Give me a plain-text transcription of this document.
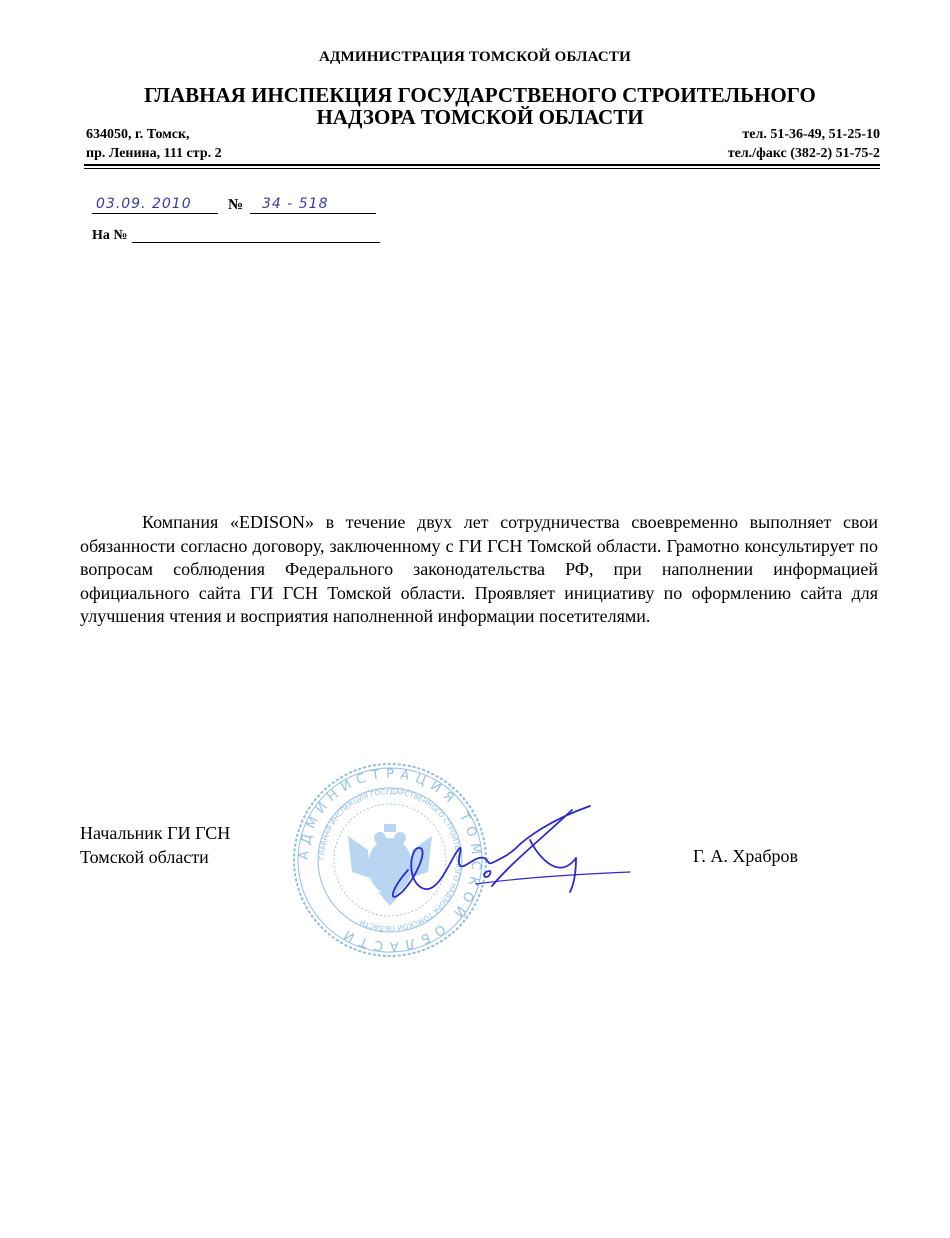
АДМИНИСТРАЦИЯ ТОМСКОЙ ОБЛАСТИ
ГЛАВНАЯ ИНСПЕКЦИЯ ГОСУДАРСТВЕНОГО СТРОИТЕЛЬНОГО
НАДЗОРА ТОМСКОЙ ОБЛАСТИ
634050, г. Томск,
пр. Ленина, 111 стр. 2
тел. 51-36-49, 51-25-10
тел./факс (382-2) 51-75-2
03.09. 2010 № 34 - 518
На №
Компания «EDISON» в течение двух лет сотрудничества своевременно выполняет свои обязанности согласно договору, заключенному с ГИ ГСН Томской области. Грамотно консультирует по вопросам соблюдения Федерального законодательства РФ, при наполнении информацией официального сайта ГИ ГСН Томской области. Проявляет инициативу по оформлению сайта для улучшения чтения и восприятия наполненной информации посетителями.
Начальник ГИ ГСН
Томской области	АДМИНИСТРАЦИЯ ТОМСКОЙ ОБЛАСТИ
ГЛАВНАЯ ИНСПЕКЦИЯ ГОСУДАРСТВЕННОГО СТРОИТЕЛЬНОГО НАДЗОРА ТОМСКОЙ ОБЛАСТИ
Г. А. Храбров
